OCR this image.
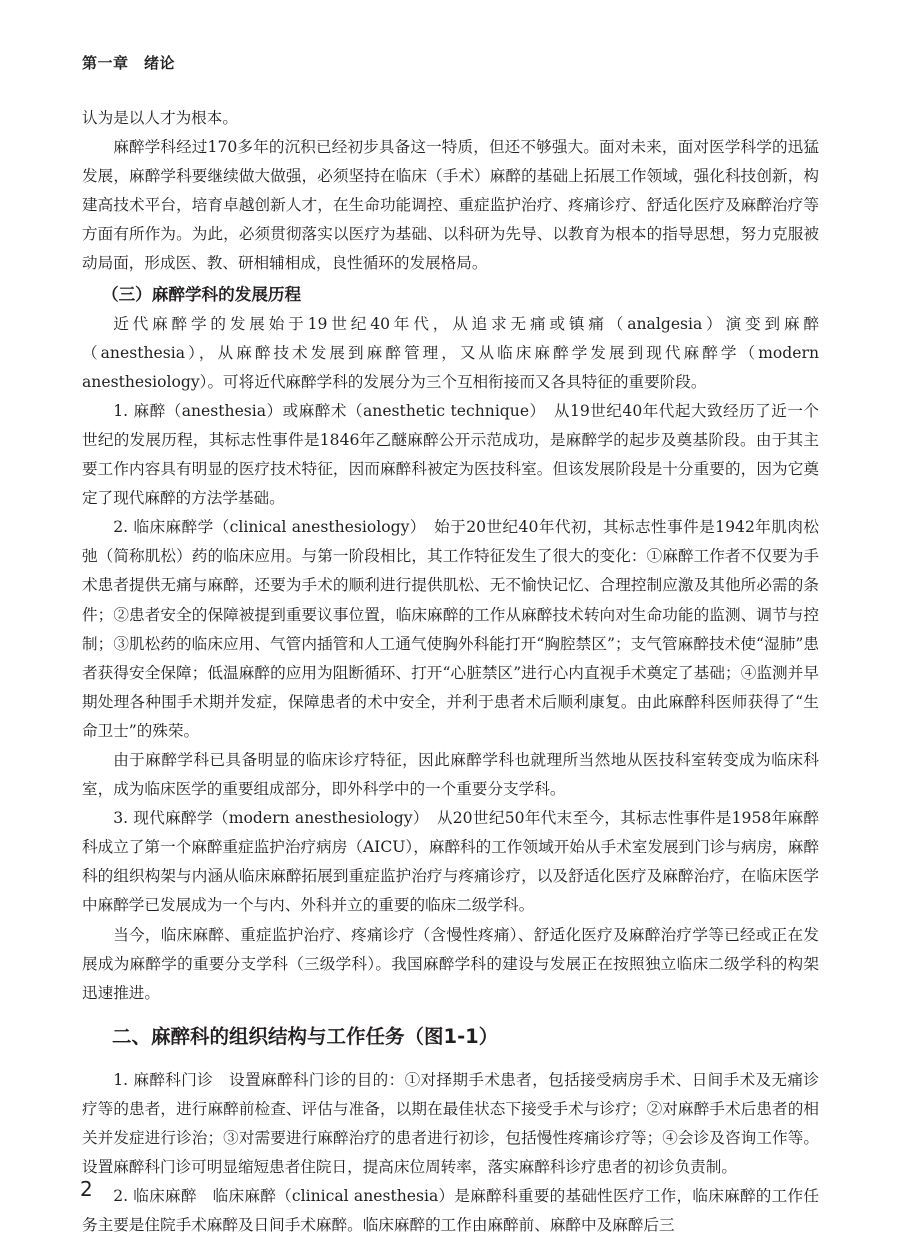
第一章　绪论

认为是以人才为根本。

麻醉学科经过170多年的沉积已经初步具备这一特质，但还不够强大。面对未来，面对医学科学的迅猛发展，麻醉学科要继续做大做强，必须坚持在临床（手术）麻醉的基础上拓展工作领域，强化科技创新，构建高技术平台，培育卓越创新人才，在生命功能调控、重症监护治疗、疼痛诊疗、舒适化医疗及麻醉治疗等方面有所作为。为此，必须贯彻落实以医疗为基础、以科研为先导、以教育为根本的指导思想，努力克服被动局面，形成医、教、研相辅相成，良性循环的发展格局。

（三）麻醉学科的发展历程

近代麻醉学的发展始于19世纪40年代，从追求无痛或镇痛（analgesia）演变到麻醉（anesthesia），从麻醉技术发展到麻醉管理，又从临床麻醉学发展到现代麻醉学（modern anesthesiology）。可将近代麻醉学科的发展分为三个互相衔接而又各具特征的重要阶段。

1. 麻醉（anesthesia）或麻醉术（anesthetic technique）　从19世纪40年代起大致经历了近一个世纪的发展历程，其标志性事件是1846年乙醚麻醉公开示范成功，是麻醉学的起步及奠基阶段。由于其主要工作内容具有明显的医疗技术特征，因而麻醉科被定为医技科室。但该发展阶段是十分重要的，因为它奠定了现代麻醉的方法学基础。

2. 临床麻醉学（clinical anesthesiology）　始于20世纪40年代初，其标志性事件是1942年肌肉松弛（简称肌松）药的临床应用。与第一阶段相比，其工作特征发生了很大的变化：①麻醉工作者不仅要为手术患者提供无痛与麻醉，还要为手术的顺利进行提供肌松、无不愉快记忆、合理控制应激及其他所必需的条件；②患者安全的保障被提到重要议事位置，临床麻醉的工作从麻醉技术转向对生命功能的监测、调节与控制；③肌松药的临床应用、气管内插管和人工通气使胸外科能打开“胸腔禁区”；支气管麻醉技术使“湿肺”患者获得安全保障；低温麻醉的应用为阻断循环、打开“心脏禁区”进行心内直视手术奠定了基础；④监测并早期处理各种围手术期并发症，保障患者的术中安全，并利于患者术后顺利康复。由此麻醉科医师获得了“生命卫士”的殊荣。

由于麻醉学科已具备明显的临床诊疗特征，因此麻醉学科也就理所当然地从医技科室转变成为临床科室，成为临床医学的重要组成部分，即外科学中的一个重要分支学科。

3. 现代麻醉学（modern anesthesiology）　从20世纪50年代末至今，其标志性事件是1958年麻醉科成立了第一个麻醉重症监护治疗病房（AICU），麻醉科的工作领域开始从手术室发展到门诊与病房，麻醉科的组织构架与内涵从临床麻醉拓展到重症监护治疗与疼痛诊疗，以及舒适化医疗及麻醉治疗，在临床医学中麻醉学已发展成为一个与内、外科并立的重要的临床二级学科。

当今，临床麻醉、重症监护治疗、疼痛诊疗（含慢性疼痛）、舒适化医疗及麻醉治疗学等已经或正在发展成为麻醉学的重要分支学科（三级学科）。我国麻醉学科的建设与发展正在按照独立临床二级学科的构架迅速推进。

二、麻醉科的组织结构与工作任务（图1-1）

1. 麻醉科门诊　设置麻醉科门诊的目的：①对择期手术患者，包括接受病房手术、日间手术及无痛诊疗等的患者，进行麻醉前检查、评估与准备，以期在最佳状态下接受手术与诊疗；②对麻醉手术后患者的相关并发症进行诊治；③对需要进行麻醉治疗的患者进行初诊，包括慢性疼痛诊疗等；④会诊及咨询工作等。设置麻醉科门诊可明显缩短患者住院日，提高床位周转率，落实麻醉科诊疗患者的初诊负责制。

2. 临床麻醉　临床麻醉（clinical anesthesia）是麻醉科重要的基础性医疗工作，临床麻醉的工作任务主要是住院手术麻醉及日间手术麻醉。临床麻醉的工作由麻醉前、麻醉中及麻醉后三

2
